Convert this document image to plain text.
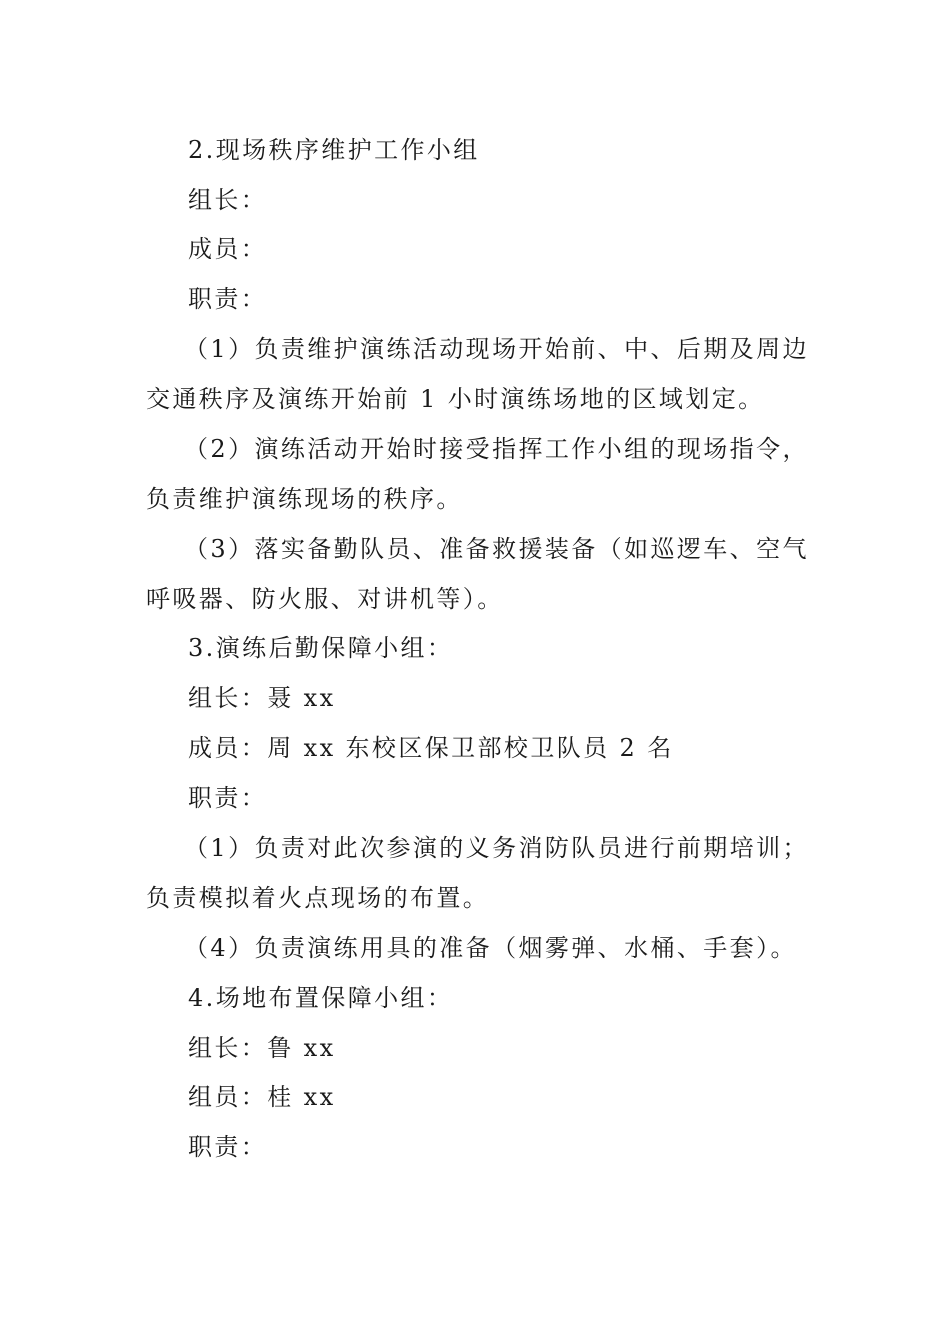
2.现场秩序维护工作小组
组长：
成员：
职责：
（1）负责维护演练活动现场开始前、中、后期及周边
交通秩序及演练开始前 1 小时演练场地的区域划定。
（2）演练活动开始时接受指挥工作小组的现场指令，
负责维护演练现场的秩序。
（3）落实备勤队员、准备救援装备（如巡逻车、空气
呼吸器、防火服、对讲机等）。
3.演练后勤保障小组：
组长：聂 xx
成员：周 xx 东校区保卫部校卫队员 2 名
职责：
（1）负责对此次参演的义务消防队员进行前期培训；
负责模拟着火点现场的布置。
（4）负责演练用具的准备（烟雾弹、水桶、手套）。
4.场地布置保障小组：
组长：鲁 xx
组员：桂 xx
职责：
